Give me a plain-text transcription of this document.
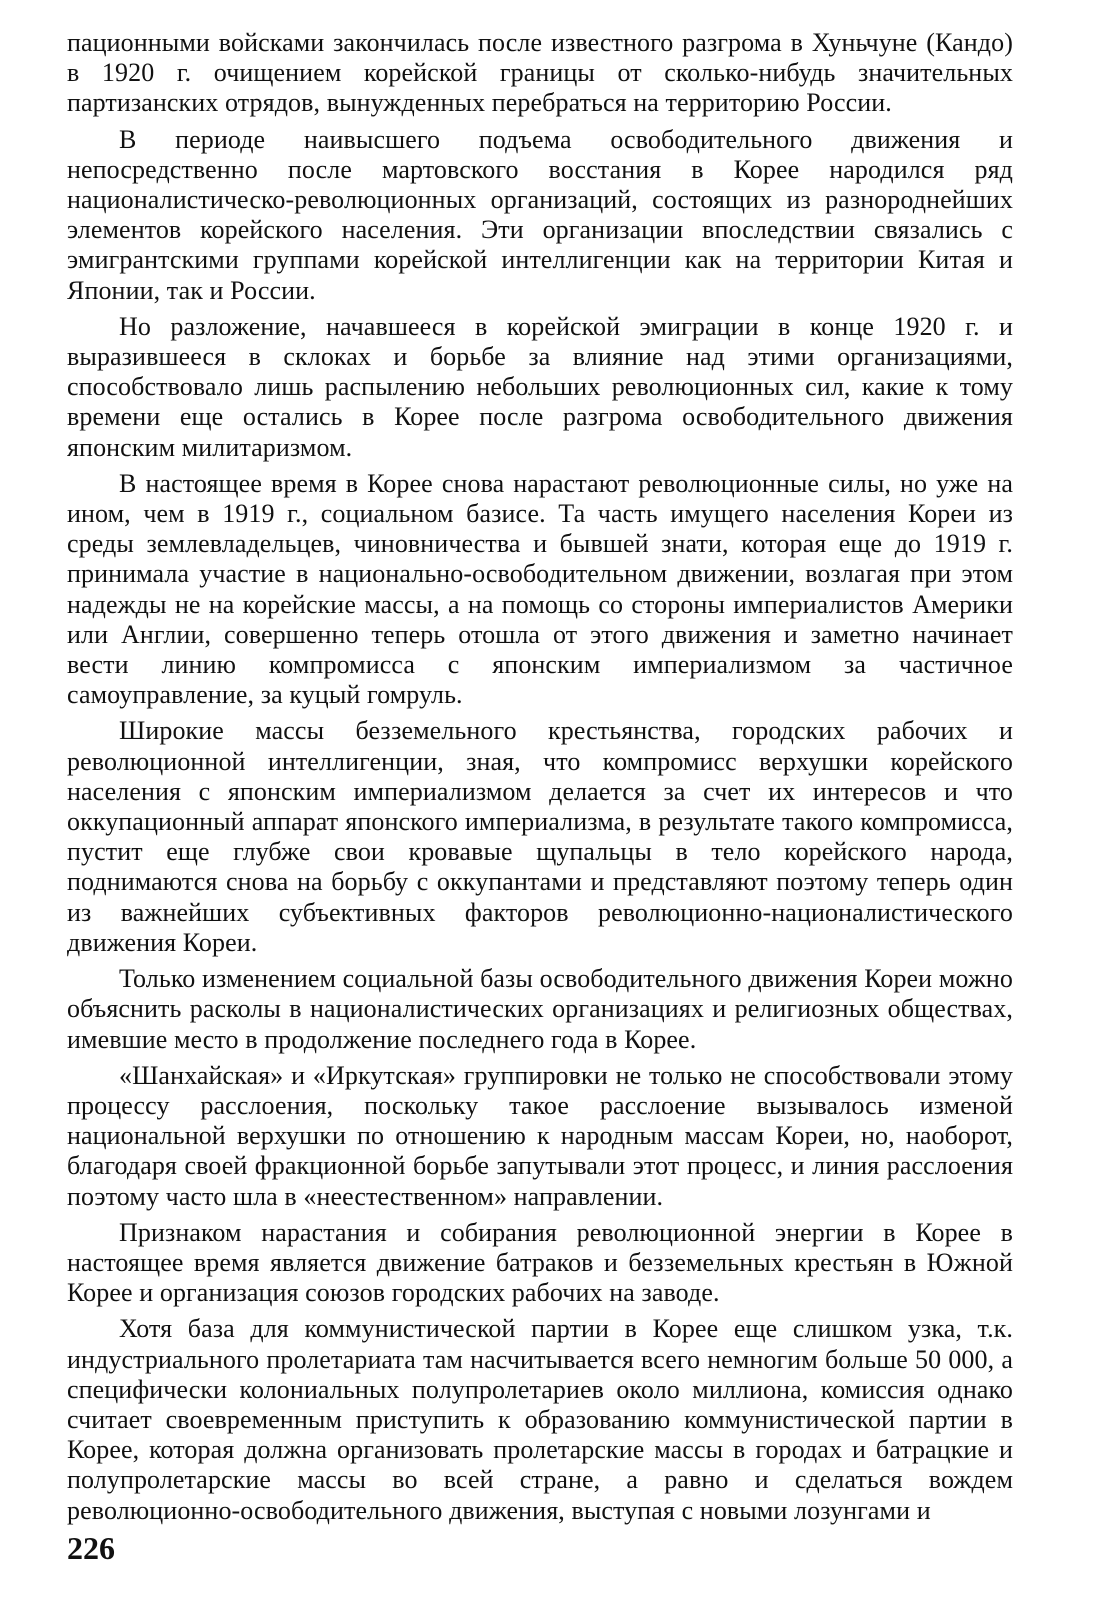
пационными войсками закончилась после известного разгрома в Хуньчуне (Кандо) в 1920 г. очищением корейской границы от сколько-нибудь значительных партизанских отрядов, вынужденных перебраться на территорию России.

В периоде наивысшего подъема освободительного движения и непосредственно после мартовского восстания в Корее народился ряд националистическо-революционных организаций, состоящих из разнороднейших элементов корейского населения. Эти организации впоследствии связались с эмигрантскими группами корейской интеллигенции как на территории Китая и Японии, так и России.

Но разложение, начавшееся в корейской эмиграции в конце 1920 г. и выразившееся в склоках и борьбе за влияние над этими организациями, способствовало лишь распылению небольших революционных сил, какие к тому времени еще остались в Корее после разгрома освободительного движения японским милитаризмом.

В настоящее время в Корее снова нарастают революционные силы, но уже на ином, чем в 1919 г., социальном базисе. Та часть имущего населения Кореи из среды землевладельцев, чиновничества и бывшей знати, которая еще до 1919 г. принимала участие в национально-освободительном движении, возлагая при этом надежды не на корейские массы, а на помощь со стороны империалистов Америки или Англии, совершенно теперь отошла от этого движения и заметно начинает вести линию компромисса с японским империализмом за частичное самоуправление, за куцый гомруль.

Широкие массы безземельного крестьянства, городских рабочих и революционной интеллигенции, зная, что компромисс верхушки корейского населения с японским империализмом делается за счет их интересов и что оккупационный аппарат японского империализма, в результате такого компромисса, пустит еще глубже свои кровавые щупальцы в тело корейского народа, поднимаются снова на борьбу с оккупантами и представляют поэтому теперь один из важнейших субъективных факторов революционно-националистического движения Кореи.

Только изменением социальной базы освободительного движения Кореи можно объяснить расколы в националистических организациях и религиозных обществах, имевшие место в продолжение последнего года в Корее.

«Шанхайская» и «Иркутская» группировки не только не способствовали этому процессу расслоения, поскольку такое расслоение вызывалось изменой национальной верхушки по отношению к народным массам Кореи, но, наоборот, благодаря своей фракционной борьбе запутывали этот процесс, и линия расслоения поэтому часто шла в «неестественном» направлении.

Признаком нарастания и собирания революционной энергии в Корее в настоящее время является движение батраков и безземельных крестьян в Южной Корее и организация союзов городских рабочих на заводе.

Хотя база для коммунистической партии в Корее еще слишком узка, т.к. индустриального пролетариата там насчитывается всего немногим больше 50 000, а специфически колониальных полупролетариев около миллиона, комиссия однако считает своевременным приступить к образованию коммунистической партии в Корее, которая должна организовать пролетарские массы в городах и батрацкие и полупролетарские массы во всей стране, а равно и сделаться вождем революционно-освободительного движения, выступая с новыми лозунгами и

226
